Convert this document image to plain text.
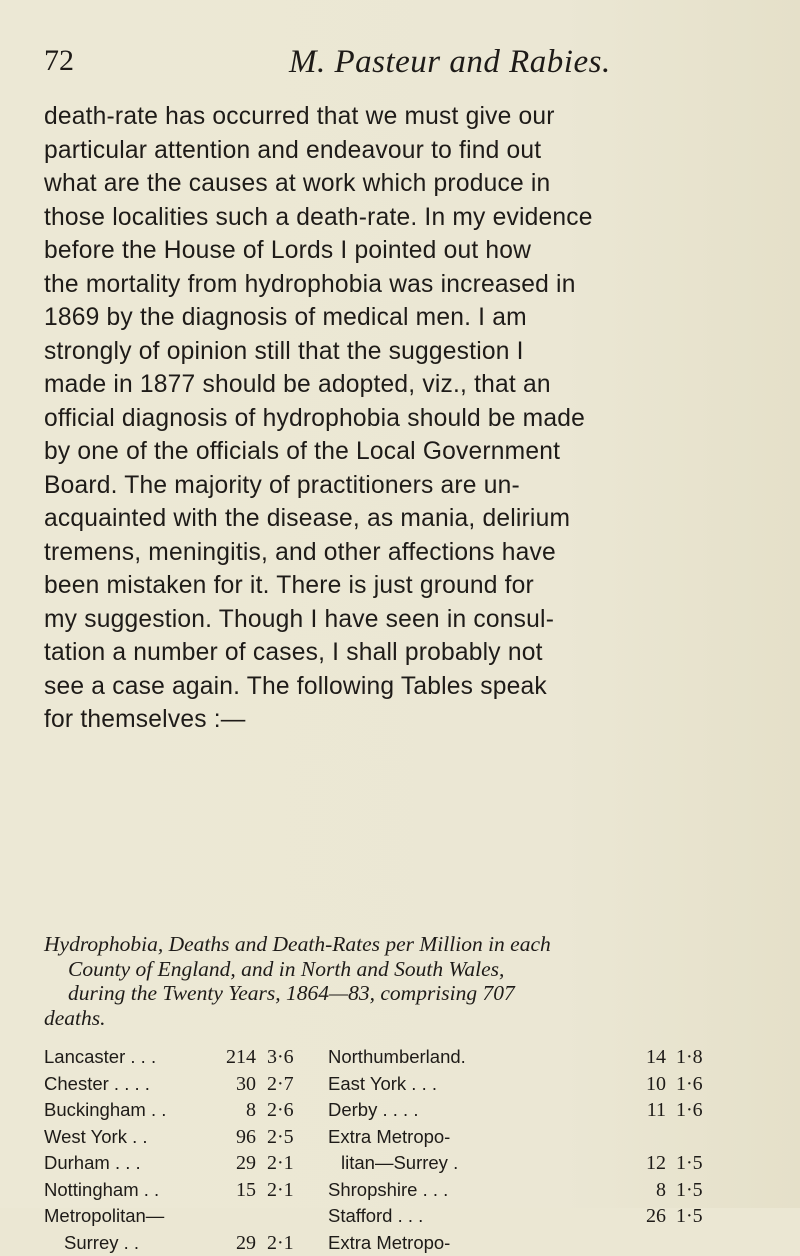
72	M. Pasteur and Rabies.
death-rate has occurred that we must give our
particular attention and endeavour to find out
what are the causes at work which produce in
those localities such a death-rate. In my evidence
before the House of Lords I pointed out how
the mortality from hydrophobia was increased in
1869 by the diagnosis of medical men. I am
strongly of opinion still that the suggestion I
made in 1877 should be adopted, viz., that an
official diagnosis of hydrophobia should be made
by one of the officials of the Local Government
Board. The majority of practitioners are un-
acquainted with the disease, as mania, delirium
tremens, meningitis, and other affections have
been mistaken for it. There is just ground for
my suggestion. Though I have seen in consul-
tation a number of cases, I shall probably not
see a case again. The following Tables speak
for themselves :—
Hydrophobia, Deaths and Death-Rates per Million in each
County of England, and in North and South Wales,
during the Twenty Years, 1864—83, comprising 707
deaths.
Lancaster . . .	214 3·6 Northumberland.	14 1·8
Chester . . . .	30 2·7 East York . . .	10 1·6
Buckingham . .	8 2·6 Derby . . . .	11 1·6
West York . .	96 2·5 Extra Metropo-
Durham . . .	29 2·1	litan—Surrey .	12 1·5
Nottingham . .	15 2·1 Shropshire . . .	8 1·5
Metropolitan—	Stafford . . .	26 1·5
Surrey . .	29 2·1 Extra Metropo-
